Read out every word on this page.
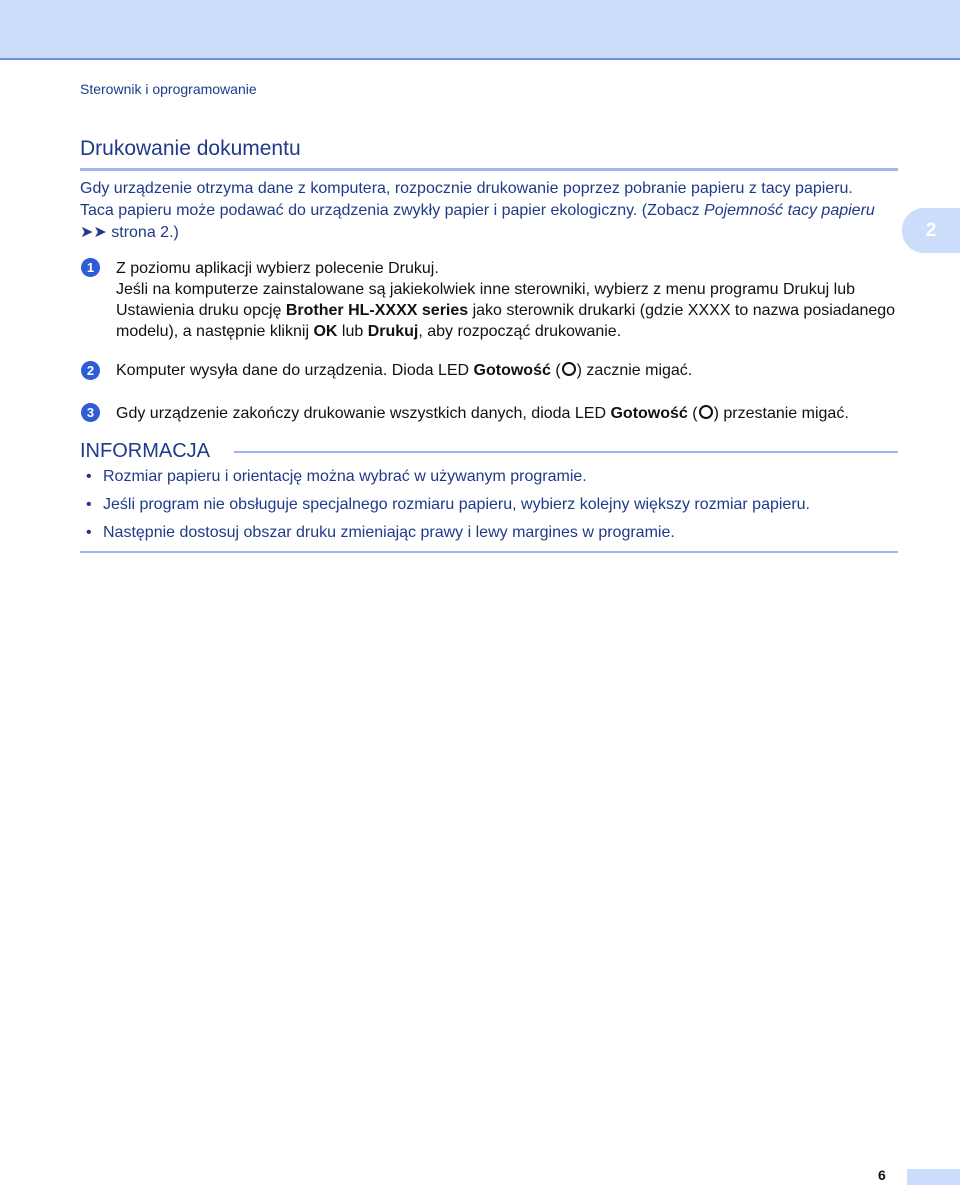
Sterownik i oprogramowanie
2
Drukowanie dokumentu
Gdy urządzenie otrzyma dane z komputera, rozpocznie drukowanie poprzez pobranie papieru z tacy papieru.
Taca papieru może podawać do urządzenia zwykły papier i papier ekologiczny. (Zobacz Pojemność tacy papieru ➤➤ strona 2.)
1	Z poziomu aplikacji wybierz polecenie Drukuj.
Jeśli na komputerze zainstalowane są jakiekolwiek inne sterowniki, wybierz z menu programu Drukuj lub Ustawienia druku opcję Brother HL-XXXX series jako sterownik drukarki (gdzie XXXX to nazwa posiadanego modelu), a następnie kliknij OK lub Drukuj, aby rozpocząć drukowanie.
2	Komputer wysyła dane do urządzenia. Dioda LED Gotowość ( ) zacznie migać.
3	Gdy urządzenie zakończy drukowanie wszystkich danych, dioda LED Gotowość ( ) przestanie migać.
INFORMACJA
• Rozmiar papieru i orientację można wybrać w używanym programie.
• Jeśli program nie obsługuje specjalnego rozmiaru papieru, wybierz kolejny większy rozmiar papieru.
• Następnie dostosuj obszar druku zmieniając prawy i lewy margines w programie.
6
